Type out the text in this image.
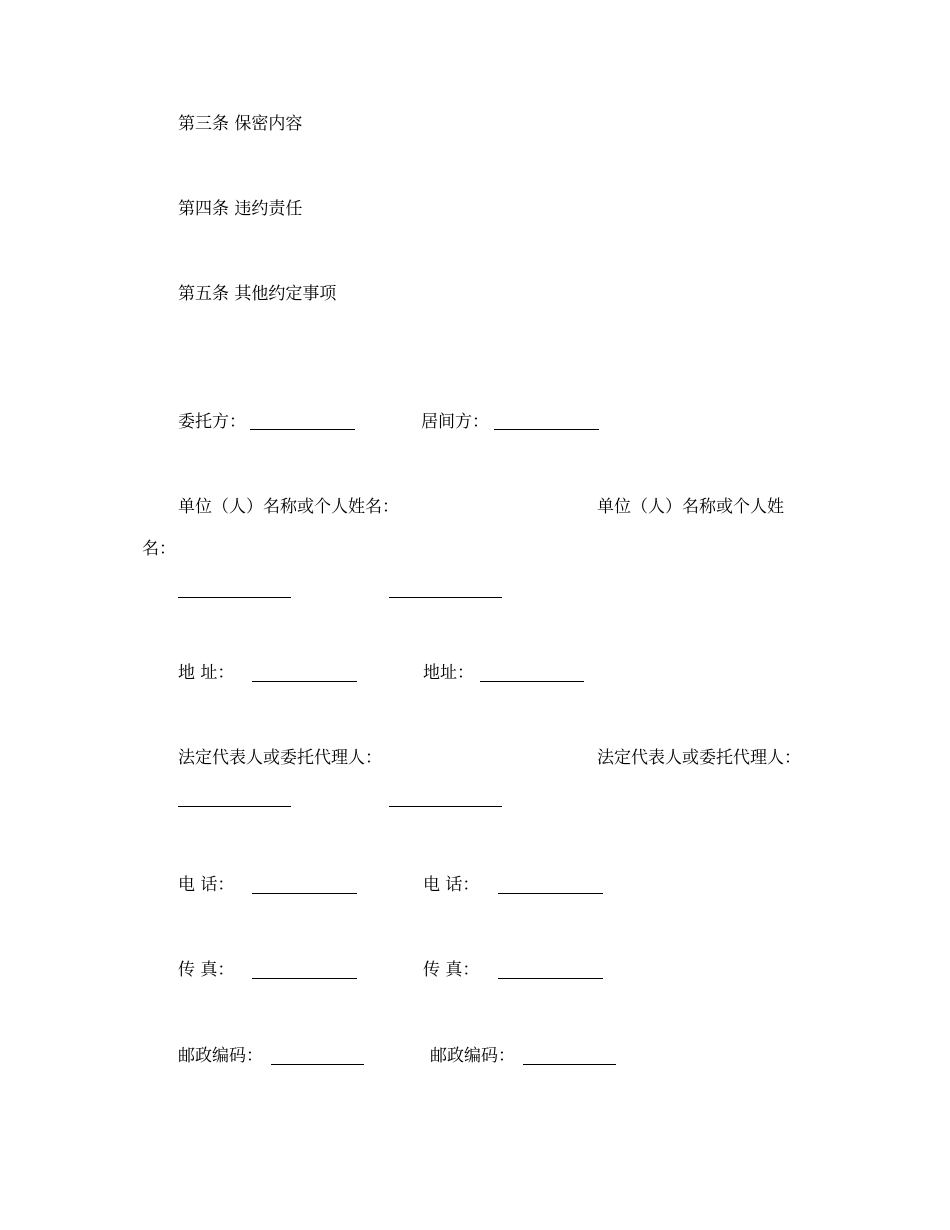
第三条 保密内容
第四条 违约责任
第五条 其他约定事项
委托方：	居间方：
单位（人）名称或个人姓名：	单位（人）名称或个人姓
名：
地 址：	地址：
法定代表人或委托代理人：	法定代表人或委托代理人：
电 话：	电 话：
传 真：	传 真：
邮政编码：	邮政编码：
